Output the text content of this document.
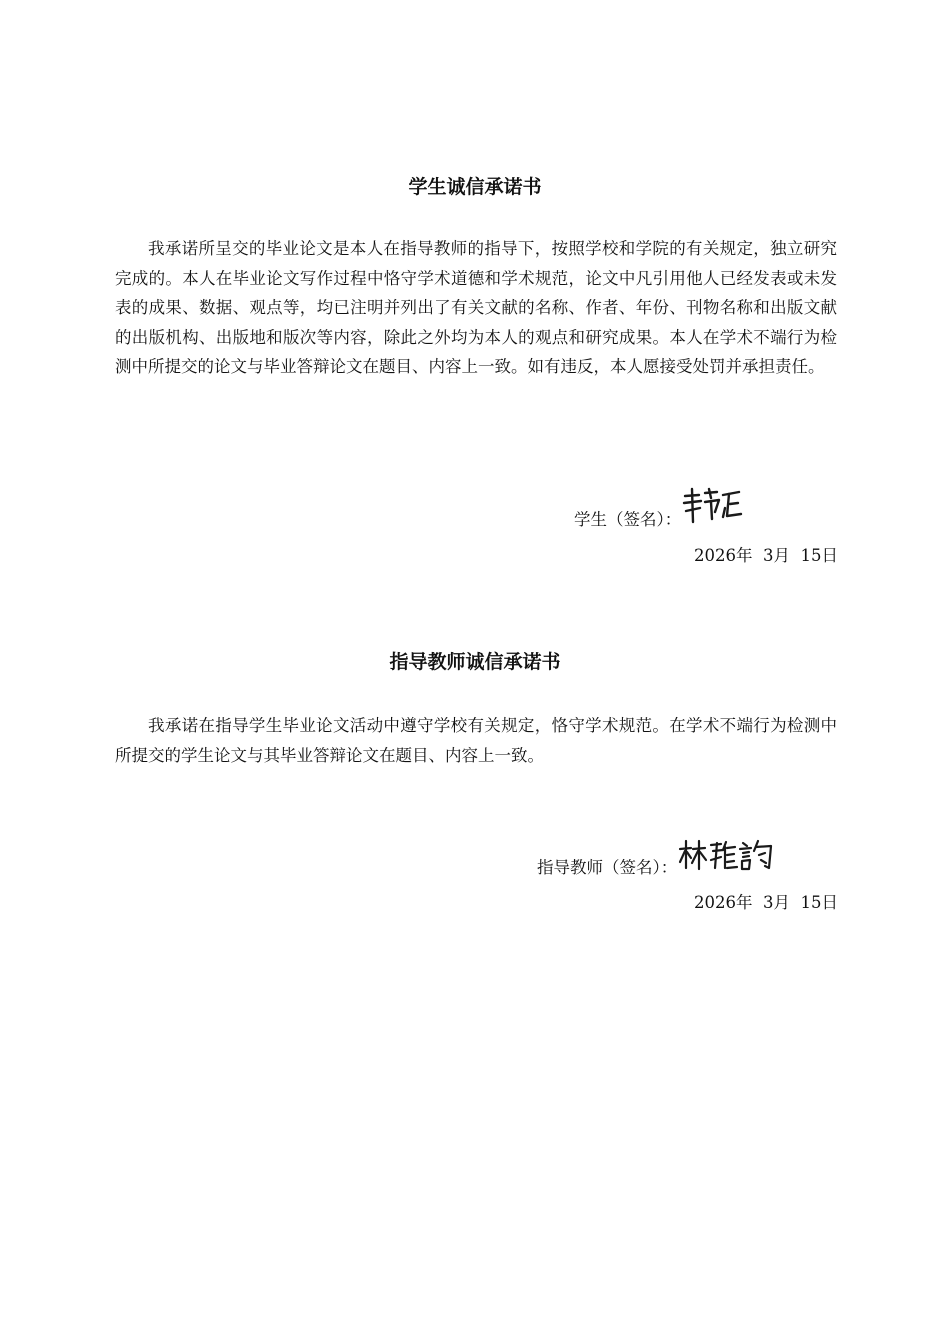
学生诚信承诺书
我承诺所呈交的毕业论文是本人在指导教师的指导下，按照学校和学院的有关规定，独立研究完成的。本人在毕业论文写作过程中恪守学术道德和学术规范，论文中凡引用他人已经发表或未发表的成果、数据、观点等，均已注明并列出了有关文献的名称、作者、年份、刊物名称和出版文献的出版机构、出版地和版次等内容，除此之外均为本人的观点和研究成果。本人在学术不端行为检测中所提交的论文与毕业答辩论文在题目、内容上一致。如有违反，本人愿接受处罚并承担责任。
学生（签名）：
2026年  3月  15日
指导教师诚信承诺书
我承诺在指导学生毕业论文活动中遵守学校有关规定，恪守学术规范。在学术不端行为检测中所提交的学生论文与其毕业答辩论文在题目、内容上一致。
指导教师（签名）：
2026年  3月  15日
